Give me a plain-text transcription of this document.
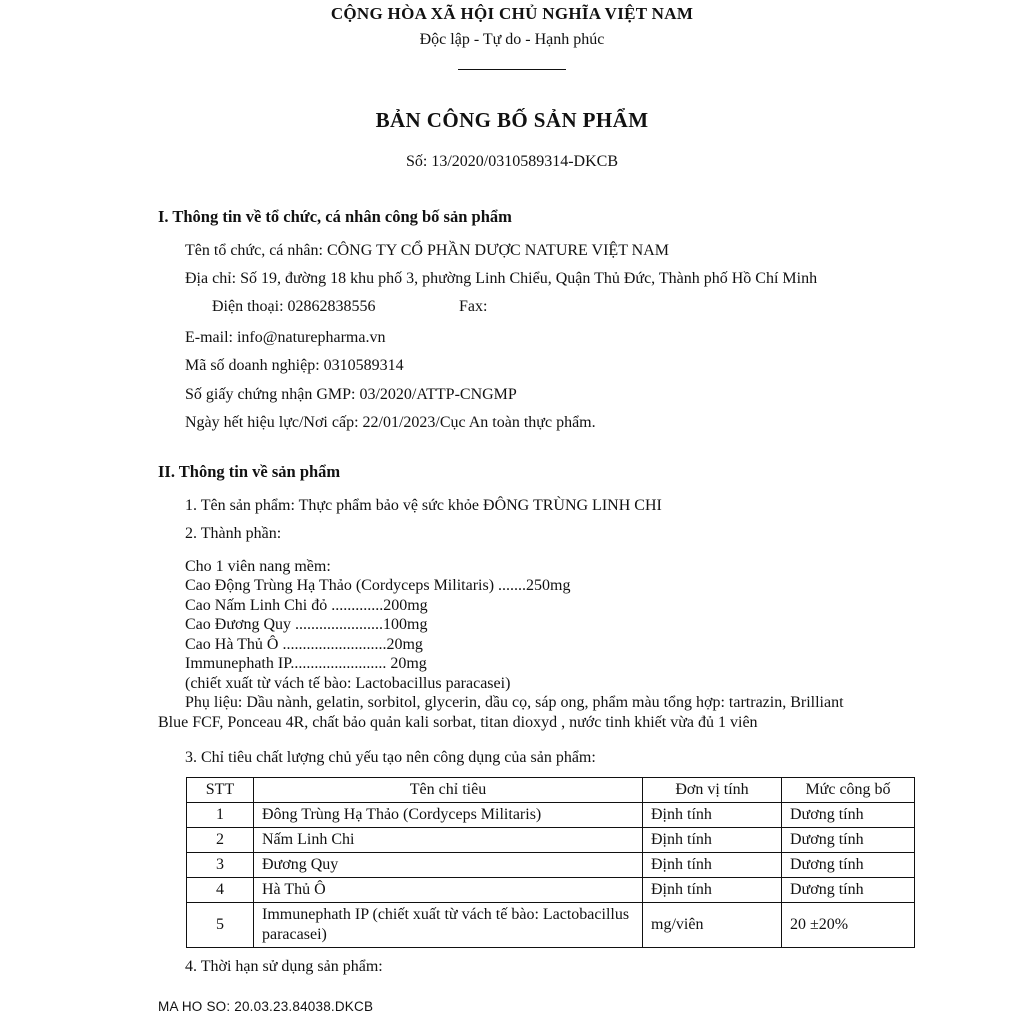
CỘNG HÒA XÃ HỘI CHỦ NGHĨA VIỆT NAM
Độc lập - Tự do - Hạnh phúc
BẢN CÔNG BỐ SẢN PHẨM
Số: 13/2020/0310589314-DKCB
I. Thông tin về tổ chức, cá nhân công bố sản phẩm

Tên tổ chức, cá nhân: CÔNG TY CỔ PHẦN DƯỢC NATURE VIỆT NAM

Địa chỉ: Số 19, đường 18 khu phố 3, phường Linh Chiểu, Quận Thủ Đức, Thành phố Hồ Chí Minh

Điện thoại: 02862838556	Fax:

E-mail: info@naturepharma.vn

Mã số doanh nghiệp: 0310589314

Số giấy chứng nhận GMP: 03/2020/ATTP-CNGMP

Ngày hết hiệu lực/Nơi cấp: 22/01/2023/Cục An toàn thực phẩm.

II. Thông tin về sản phẩm

1. Tên sản phẩm: Thực phẩm bảo vệ sức khỏe ĐÔNG TRÙNG LINH CHI

2. Thành phần:

Cho 1 viên nang mềm:

Cao Động Trùng Hạ Thảo (Cordyceps Militaris) .......250mg

Cao Nấm Linh Chi đỏ .............200mg

Cao Đương Quy ......................100mg

Cao Hà Thủ Ô ..........................20mg

Immunephath IP........................ 20mg

(chiết xuất từ vách tế bào: Lactobacillus paracasei)

Phụ liệu: Dầu nành, gelatin, sorbitol, glycerin, dầu cọ, sáp ong, phẩm màu tổng hợp: tartrazin, Brilliant Blue FCF, Ponceau 4R, chất bảo quản kali sorbat, titan dioxyd , nước tinh khiết vừa đủ 1 viên

3. Chỉ tiêu chất lượng chủ yếu tạo nên công dụng của sản phẩm:

STT	Tên chỉ tiêu	Đơn vị tính	Mức công bố
1	Đông Trùng Hạ Thảo (Cordyceps Militaris)	Định tính	Dương tính
2	Nấm Linh Chi	Định tính	Dương tính
3	Đương Quy	Định tính	Dương tính
4	Hà Thủ Ô	Định tính	Dương tính
5	Immunephath IP (chiết xuất từ vách tế bào: Lactobacillus paracasei)	mg/viên	20 ±20%

4. Thời hạn sử dụng sản phẩm:

MA HO SO: 20.03.23.84038.DKCB
